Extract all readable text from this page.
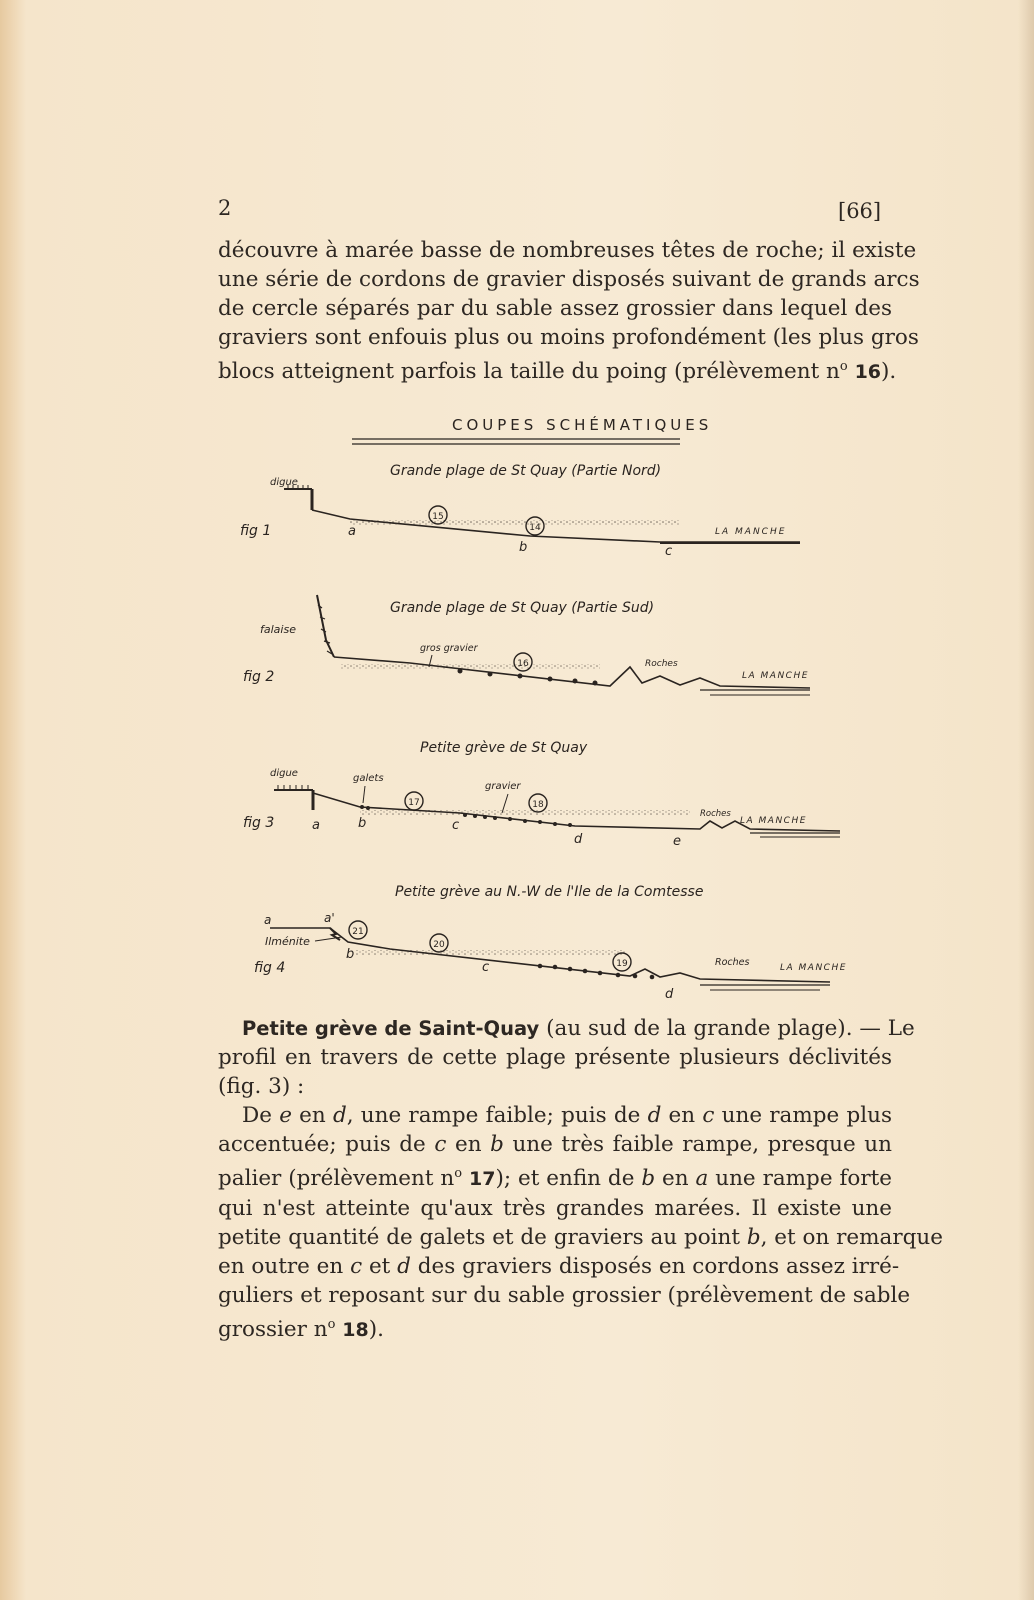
2	[66]
découvre à marée basse de nombreuses têtes de roche; il existe
une série de cordons de gravier disposés suivant de grands arcs
de cercle séparés par du sable assez grossier dans lequel des
graviers sont enfouis plus ou moins profondément (les plus gros
blocs atteignent parfois la taille du poing (prélèvement $n^o$ 16).
COUPES SCHÉMATIQUES
Grande plage de St Quay (Partie Nord)
digue
fig 1	a
b	c
LA MANCHE
15
14
Grande plage de St Quay (Partie Sud)
falaise
fig 2
gros gravier
Roches
LA MANCHE
16
Petite grève de St Quay
digue
fig 3	a	b	c
d	e
galets
gravier
Roches
LA MANCHE
17	18
Petite grève au N.-W de l'Ile de la Comtesse
a	a'
Ilménite
fig 4
b
c
d
Roches	LA MANCHE
21
20
19
Petite grève de Saint-Quay (au sud de la grande plage). — Le
profil en travers de cette plage présente plusieurs déclivités
(fig. 3) :
De e en d, une rampe faible; puis de d en c une rampe plus
accentuée; puis de c en b une très faible rampe, presque un
palier (prélèvement $n^o$ 17); et enfin de b en a une rampe forte
qui n'est atteinte qu'aux très grandes marées. Il existe une
petite quantité de galets et de graviers au point b, et on remarque
en outre en c et d des graviers disposés en cordons assez irré-
guliers et reposant sur du sable grossier (prélèvement de sable
grossier $n^o$ 18).
